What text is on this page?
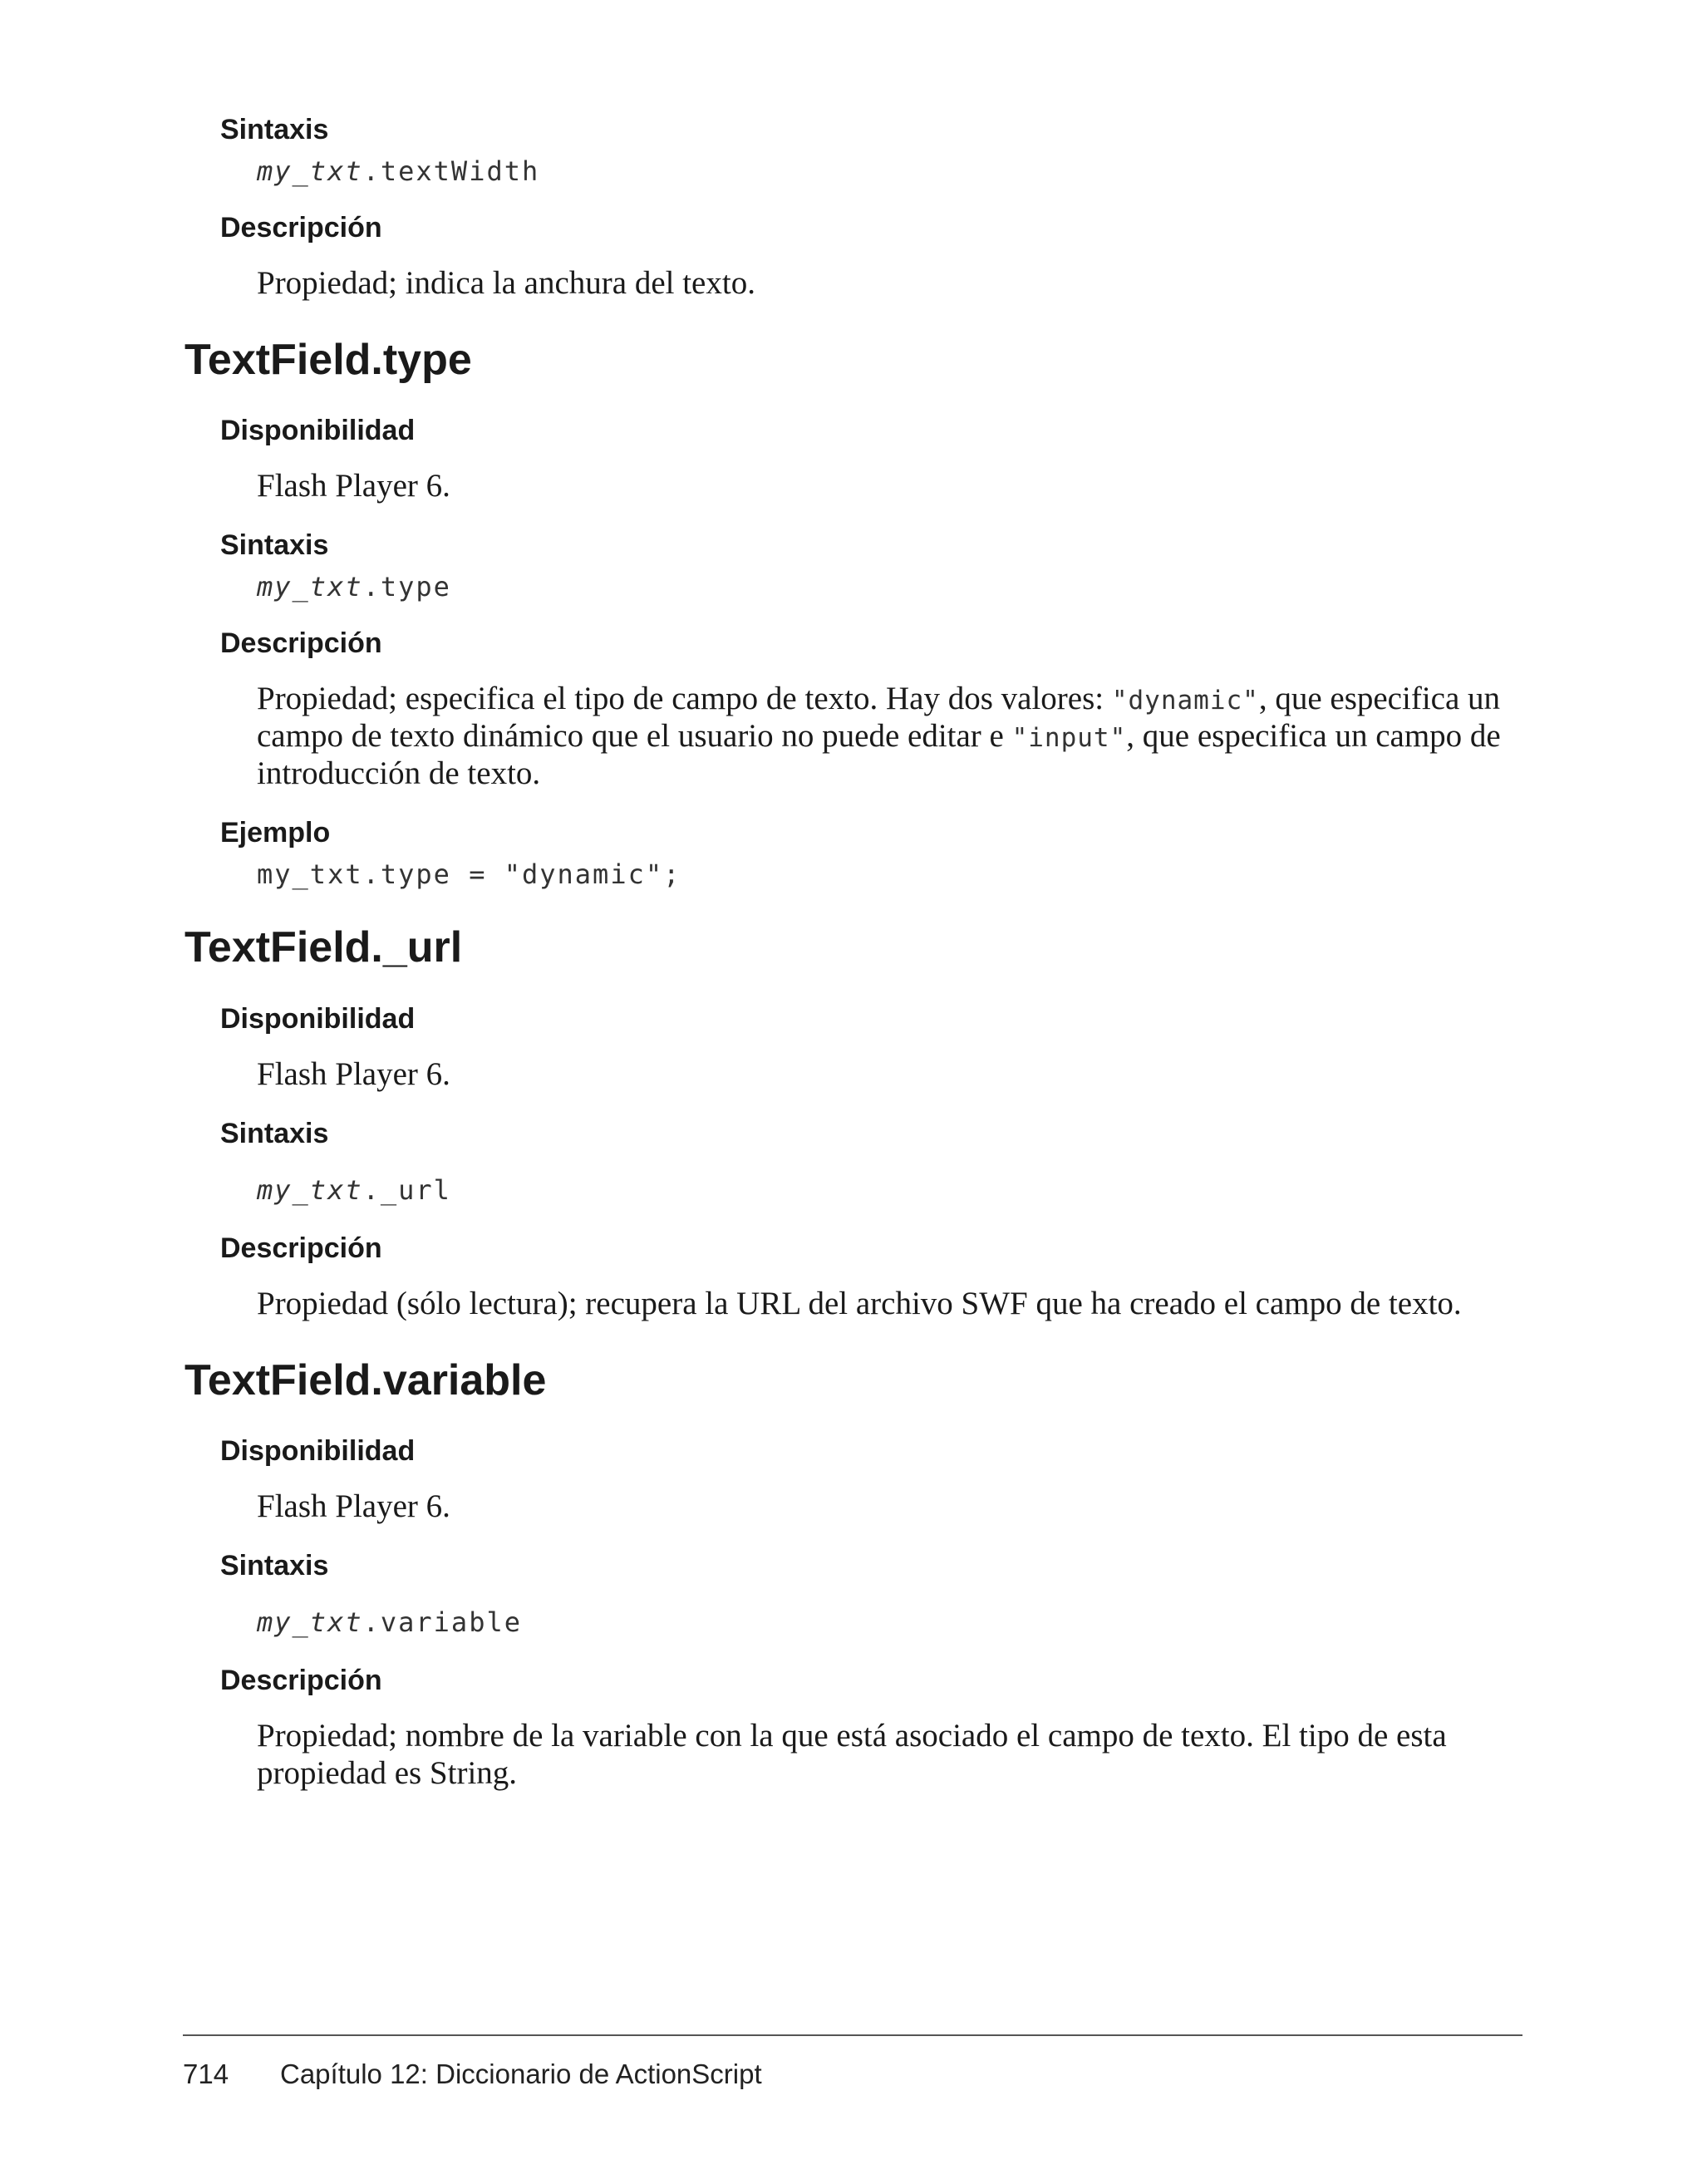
Sintaxis
my_txt.textWidth
Descripción
Propiedad; indica la anchura del texto.
TextField.type
Disponibilidad
Flash Player 6.
Sintaxis
my_txt.type
Descripción
Propiedad; especifica el tipo de campo de texto. Hay dos valores: "dynamic", que especifica un
campo de texto dinámico que el usuario no puede editar e "input", que especifica un campo de
introducción de texto.
Ejemplo
my_txt.type = "dynamic";
TextField._url
Disponibilidad
Flash Player 6.
Sintaxis
my_txt._url
Descripción
Propiedad (sólo lectura); recupera la URL del archivo SWF que ha creado el campo de texto.
TextField.variable
Disponibilidad
Flash Player 6.
Sintaxis
my_txt.variable
Descripción
Propiedad; nombre de la variable con la que está asociado el campo de texto. El tipo de esta
propiedad es String.
714 Capítulo 12: Diccionario de ActionScript
